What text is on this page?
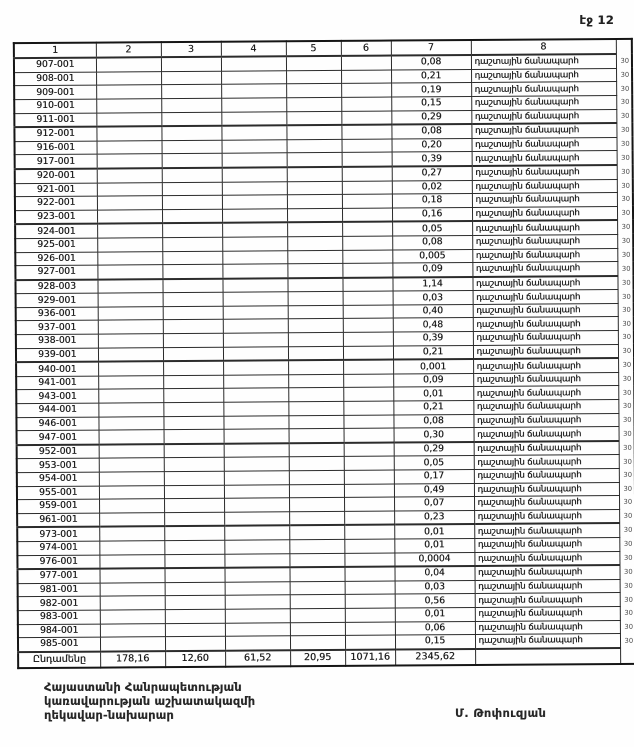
էջ 12
1	2	3	4	5	6	7	8	
907-001						0,08	դաշտային ճանապարհ	30
908-001						0,21	դաշտային ճանապարհ	30
909-001						0,19	դաշտային ճանապարհ	30
910-001						0,15	դաշտային ճանապարհ	30
911-001						0,29	դաշտային ճանապարհ	30
912-001						0,08	դաշտային ճանապարհ	30
916-001						0,20	դաշտային ճանապարհ	30
917-001						0,39	դաշտային ճանապարհ	30
920-001						0,27	դաշտային ճանապարհ	30
921-001						0,02	դաշտային ճանապարհ	30
922-001						0,18	դաշտային ճանապարհ	30
923-001						0,16	դաշտային ճանապարհ	30
924-001						0,05	դաշտային ճանապարհ	30
925-001						0,08	դաշտային ճանապարհ	30
926-001						0,005	դաշտային ճանապարհ	30
927-001						0,09	դաշտային ճանապարհ	30
928-003						1,14	դաշտային ճանապարհ	30
929-001						0,03	դաշտային ճանապարհ	30
936-001						0,40	դաշտային ճանապարհ	30
937-001						0,48	դաշտային ճանապարհ	30
938-001						0,39	դաշտային ճանապարհ	30
939-001						0,21	դաշտային ճանապարհ	30
940-001						0,001	դաշտային ճանապարհ	30
941-001						0,09	դաշտային ճանապարհ	30
943-001						0,01	դաշտային ճանապարհ	30
944-001						0,21	դաշտային ճանապարհ	30
946-001						0,08	դաշտային ճանապարհ	30
947-001						0,30	դաշտային ճանապարհ	30
952-001						0,29	դաշտային ճանապարհ	30
953-001						0,05	դաշտային ճանապարհ	30
954-001						0,17	դաշտային ճանապարհ	30
955-001						0,49	դաշտային ճանապարհ	30
959-001						0,07	դաշտային ճանապարհ	30
961-001						0,23	դաշտային ճանապարհ	30
973-001						0,01	դաշտային ճանապարհ	30
974-001						0,01	դաշտային ճանապարհ	30
976-001						0,0004	դաշտային ճանապարհ	30
977-001						0,04	դաշտային ճանապարհ	30
981-001						0,03	դաշտային ճանապարհ	30
982-001						0,56	դաշտային ճանապարհ	30
983-001						0,01	դաշտային ճանապարհ	30
984-001						0,06	դաշտային ճանապարհ	30
985-001						0,15	դաշտային ճանապարհ	30
Ընդամենը	178,16	12,60	61,52	20,95	1071,16	2345,62		
Հայաստանի Հանրապետության
կառավարության աշխատակազմի
ղեկավար-նախարար	Մ. Թոփուզյան
